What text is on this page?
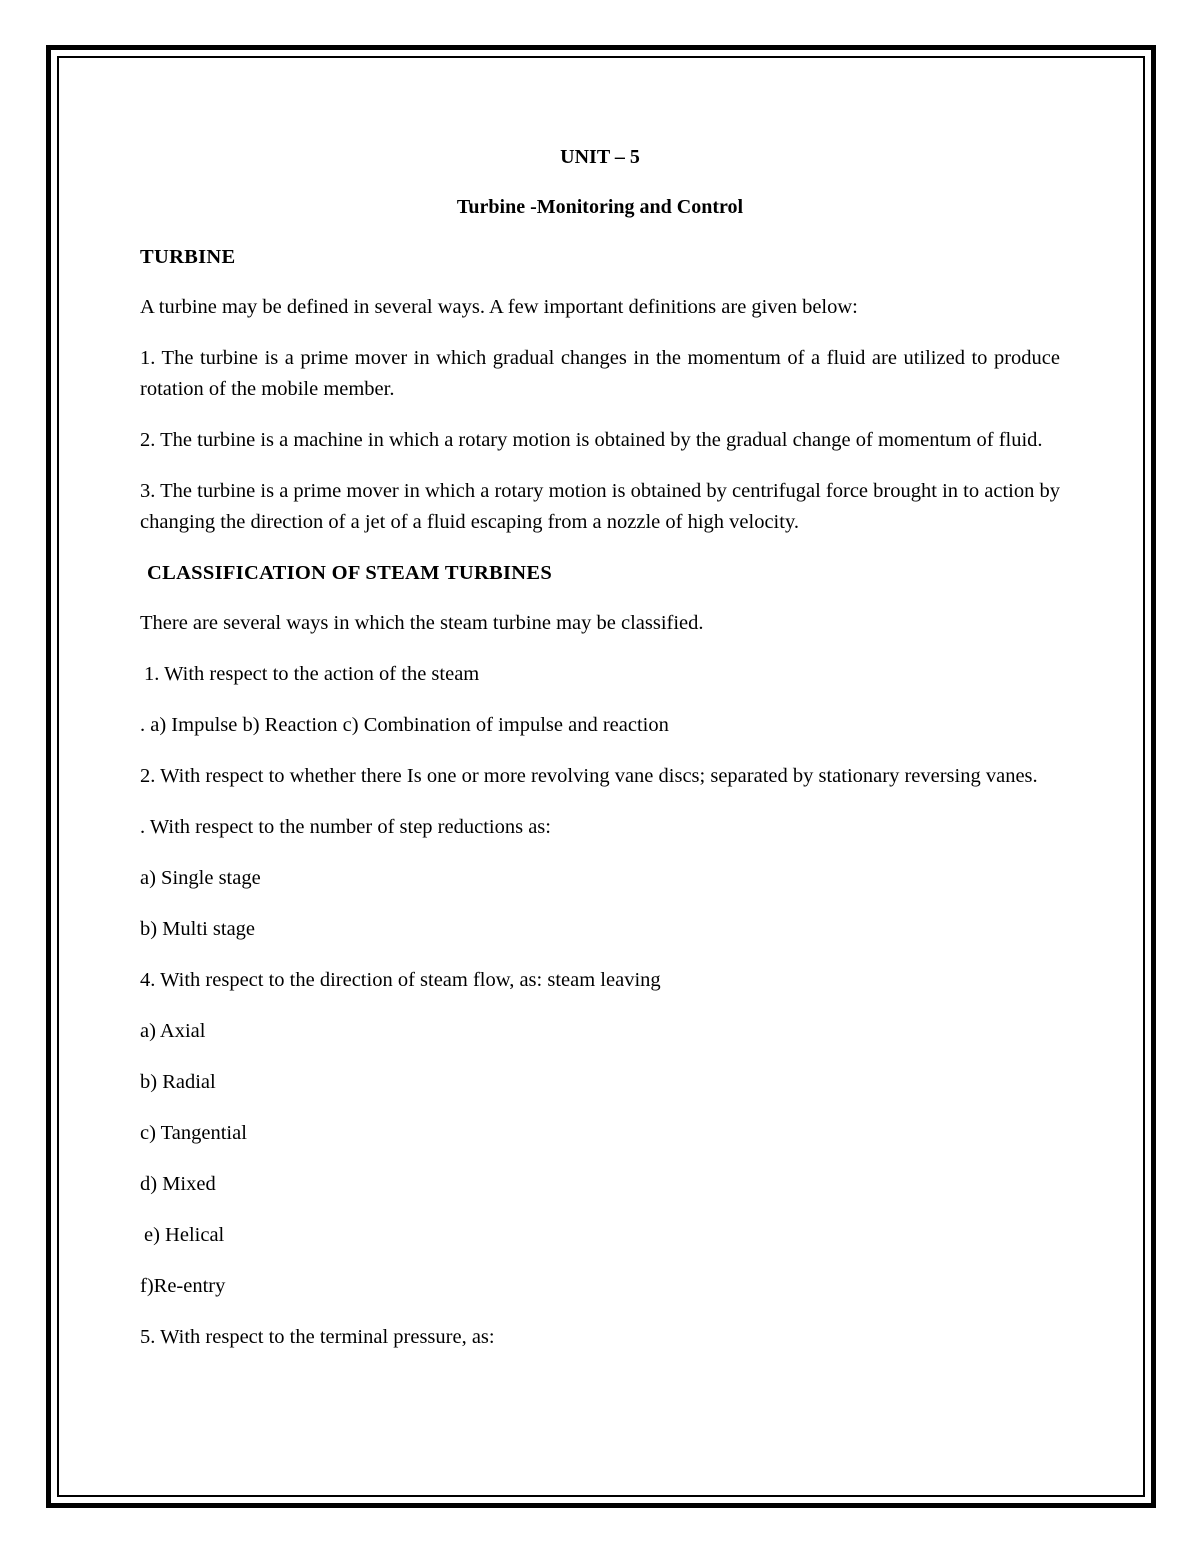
UNIT – 5

Turbine -Monitoring and Control

TURBINE

A turbine may be defined in several ways. A few important definitions are given below:

1. The turbine is a prime mover in which gradual changes in the momentum of a fluid are utilized to produce rotation of the mobile member.

2. The turbine is a machine in which a rotary motion is obtained by the gradual change of momentum of fluid.

3. The turbine is a prime mover in which a rotary motion is obtained by centrifugal force brought in to action by changing the direction of a jet of a fluid escaping from a nozzle of high velocity.

CLASSIFICATION OF STEAM TURBINES

There are several ways in which the steam turbine may be classified.

1. With respect to the action of the steam

. a) Impulse b) Reaction c) Combination of impulse and reaction

2. With respect to whether there Is one or more revolving vane discs; separated by stationary reversing vanes.

. With respect to the number of step reductions as:

a) Single stage

b) Multi stage

4. With respect to the direction of steam flow, as: steam leaving

a) Axial

b) Radial

c) Tangential

d) Mixed

e) Helical

f)Re-entry

5. With respect to the terminal pressure, as:
